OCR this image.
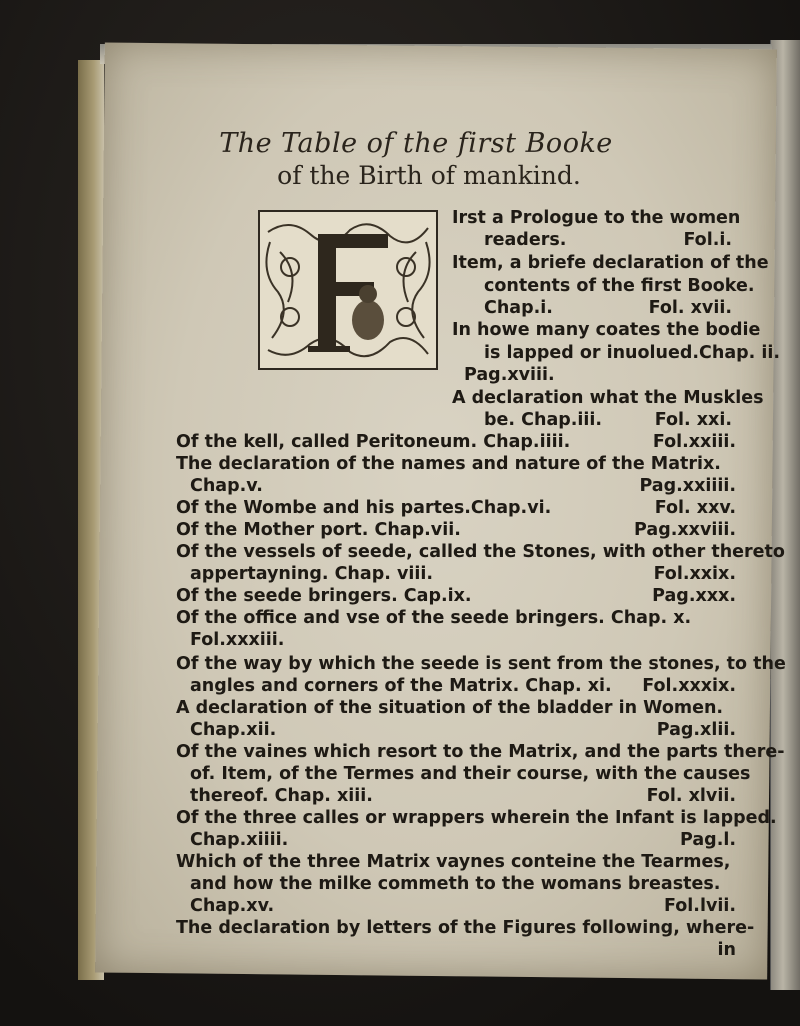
The Table of the first Booke
of the Birth of mankind.
Irst a Prologue to the women
readers.	Fol.i.
Item, a briefe declaration of the
contents of the first Booke.
Chap.i.	Fol. xvii.
In howe many coates the bodie
is lapped or inuolued.Chap. ii.
Pag.xviii.
A declaration what the Muskles
be. Chap.iii.	Fol. xxi.
Of the kell, called Peritoneum. Chap.iiii.	Fol.xxiii.
The declaration of the names and nature of the Matrix.
Chap.v.	Pag.xxiiii.
Of the Wombe and his partes.Chap.vi.	Fol. xxv.
Of the Mother port. Chap.vii.	Pag.xxviii.
Of the vessels of seede, called the Stones, with other thereto
appertayning. Chap. viii.	Fol.xxix.
Of the seede bringers. Cap.ix.	Pag.xxx.
Of the office and vse of the seede bringers. Chap. x.
Fol.xxxiii.
Of the way by which the seede is sent from the stones, to the
angles and corners of the Matrix. Chap. xi. Fol.xxxix.
A declaration of the situation of the bladder in Women.
Chap.xii.	Pag.xlii.
Of the vaines which resort to the Matrix, and the parts there-
of. Item, of the Termes and their course, with the causes
thereof. Chap. xiii.	Fol. xlvii.
Of the three calles or wrappers wherein the Infant is lapped.
Chap.xiiii.	Pag.l.
Which of the three Matrix vaynes conteine the Tearmes,
and how the milke commeth to the womans breastes.
Chap.xv.	Fol.lvii.
The declaration by letters of the Figures following, where-
in
